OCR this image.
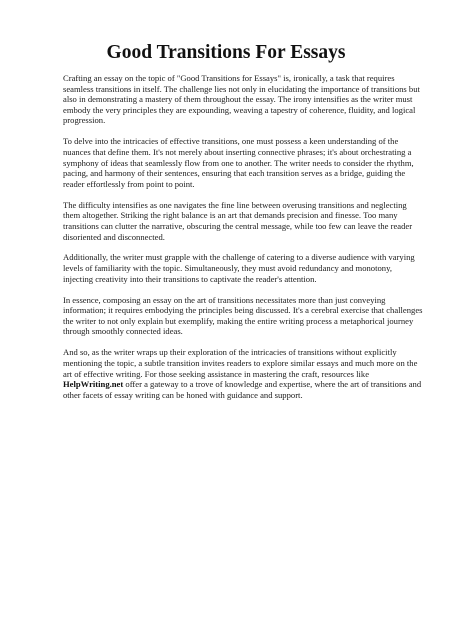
Good Transitions For Essays

Crafting an essay on the topic of "Good Transitions for Essays" is, ironically, a task that requires seamless transitions in itself. The challenge lies not only in elucidating the importance of transitions but also in demonstrating a mastery of them throughout the essay. The irony intensifies as the writer must embody the very principles they are expounding, weaving a tapestry of coherence, fluidity, and logical progression.

To delve into the intricacies of effective transitions, one must possess a keen understanding of the nuances that define them. It's not merely about inserting connective phrases; it's about orchestrating a symphony of ideas that seamlessly flow from one to another. The writer needs to consider the rhythm, pacing, and harmony of their sentences, ensuring that each transition serves as a bridge, guiding the reader effortlessly from point to point.

The difficulty intensifies as one navigates the fine line between overusing transitions and neglecting them altogether. Striking the right balance is an art that demands precision and finesse. Too many transitions can clutter the narrative, obscuring the central message, while too few can leave the reader disoriented and disconnected.

Additionally, the writer must grapple with the challenge of catering to a diverse audience with varying levels of familiarity with the topic. Simultaneously, they must avoid redundancy and monotony, injecting creativity into their transitions to captivate the reader's attention.

In essence, composing an essay on the art of transitions necessitates more than just conveying information; it requires embodying the principles being discussed. It's a cerebral exercise that challenges the writer to not only explain but exemplify, making the entire writing process a metaphorical journey through smoothly connected ideas.

And so, as the writer wraps up their exploration of the intricacies of transitions without explicitly mentioning the topic, a subtle transition invites readers to explore similar essays and much more on the art of effective writing. For those seeking assistance in mastering the craft, resources like HelpWriting.net offer a gateway to a trove of knowledge and expertise, where the art of transitions and other facets of essay writing can be honed with guidance and support.
